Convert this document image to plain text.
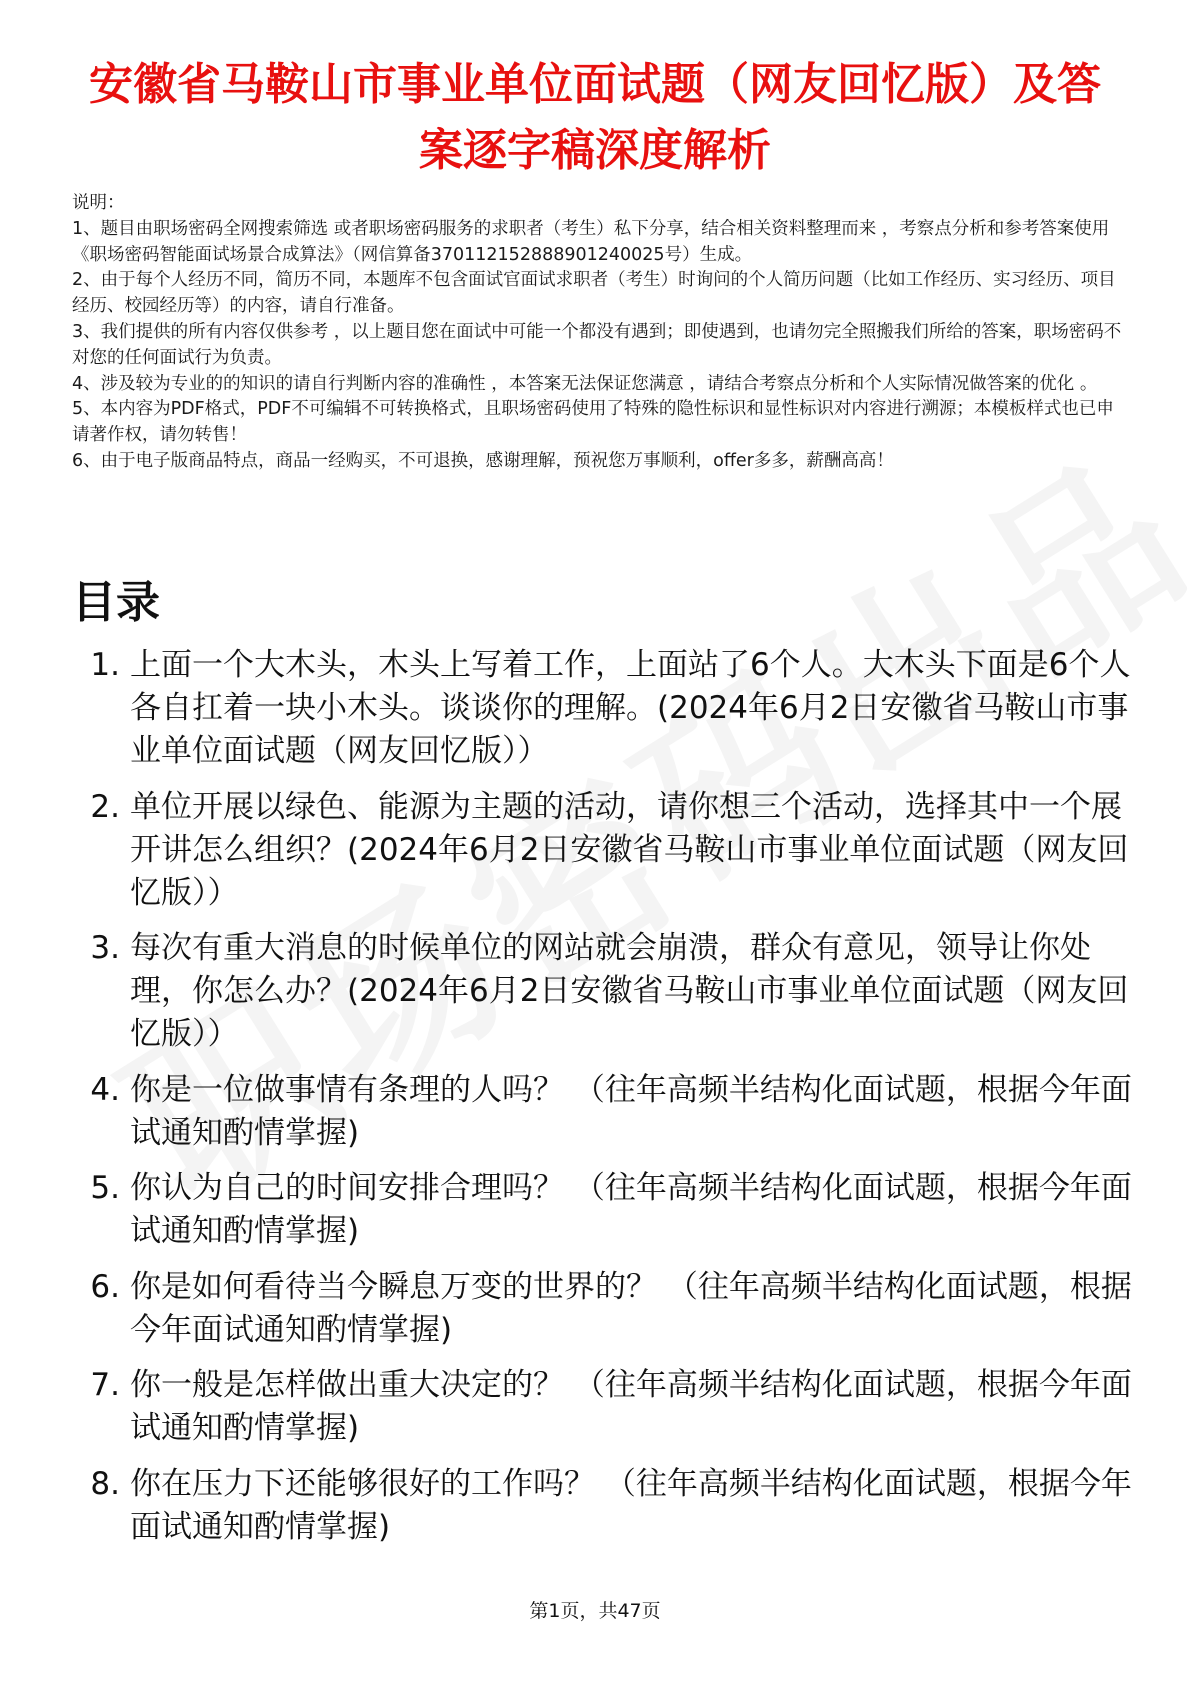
安徽省马鞍山市事业单位面试题（网友回忆版）及答案逐字稿深度解析

说明：

1、题目由职场密码全网搜索筛选 或者职场密码服务的求职者（考生）私下分享，结合相关资料整理而来 ，考察点分析和参考答案使用《职场密码智能面试场景合成算法》（网信算备370112152888901240025号）生成。

2、由于每个人经历不同，简历不同，本题库不包含面试官面试求职者（考生）时询问的个人简历问题（比如工作经历、实习经历、项目经历、校园经历等）的内容，请自行准备。

3、我们提供的所有内容仅供参考 ，以上题目您在面试中可能一个都没有遇到；即使遇到，也请勿完全照搬我们所给的答案，职场密码不对您的任何面试行为负责。

4、涉及较为专业的的知识的请自行判断内容的准确性 ，本答案无法保证您满意 ，请结合考察点分析和个人实际情况做答案的优化 。

5、本内容为PDF格式，PDF不可编辑不可转换格式，且职场密码使用了特殊的隐性标识和显性标识对内容进行溯源；本模板样式也已申请著作权，请勿转售！

6、由于电子版商品特点，商品一经购买，不可退换，感谢理解，预祝您万事顺利，offer多多，薪酬高高！

目录
1. 上面一个大木头，木头上写着工作，上面站了6个人。大木头下面是6个人各自扛着一块小木头。谈谈你的理解。(2024年6月2日安徽省马鞍山市事业单位面试题（网友回忆版））
2. 单位开展以绿色、能源为主题的活动，请你想三个活动，选择其中一个展开讲怎么组织？(2024年6月2日安徽省马鞍山市事业单位面试题（网友回忆版））
3. 每次有重大消息的时候单位的网站就会崩溃，群众有意见，领导让你处理，你怎么办？(2024年6月2日安徽省马鞍山市事业单位面试题（网友回忆版））
4. 你是一位做事情有条理的人吗？ （往年高频半结构化面试题，根据今年面试通知酌情掌握)
5. 你认为自己的时间安排合理吗？ （往年高频半结构化面试题，根据今年面试通知酌情掌握)
6. 你是如何看待当今瞬息万变的世界的？ （往年高频半结构化面试题，根据今年面试通知酌情掌握)
7. 你一般是怎样做出重大决定的？ （往年高频半结构化面试题，根据今年面试通知酌情掌握)
8. 你在压力下还能够很好的工作吗？ （往年高频半结构化面试题，根据今年面试通知酌情掌握)
第1页，共47页
